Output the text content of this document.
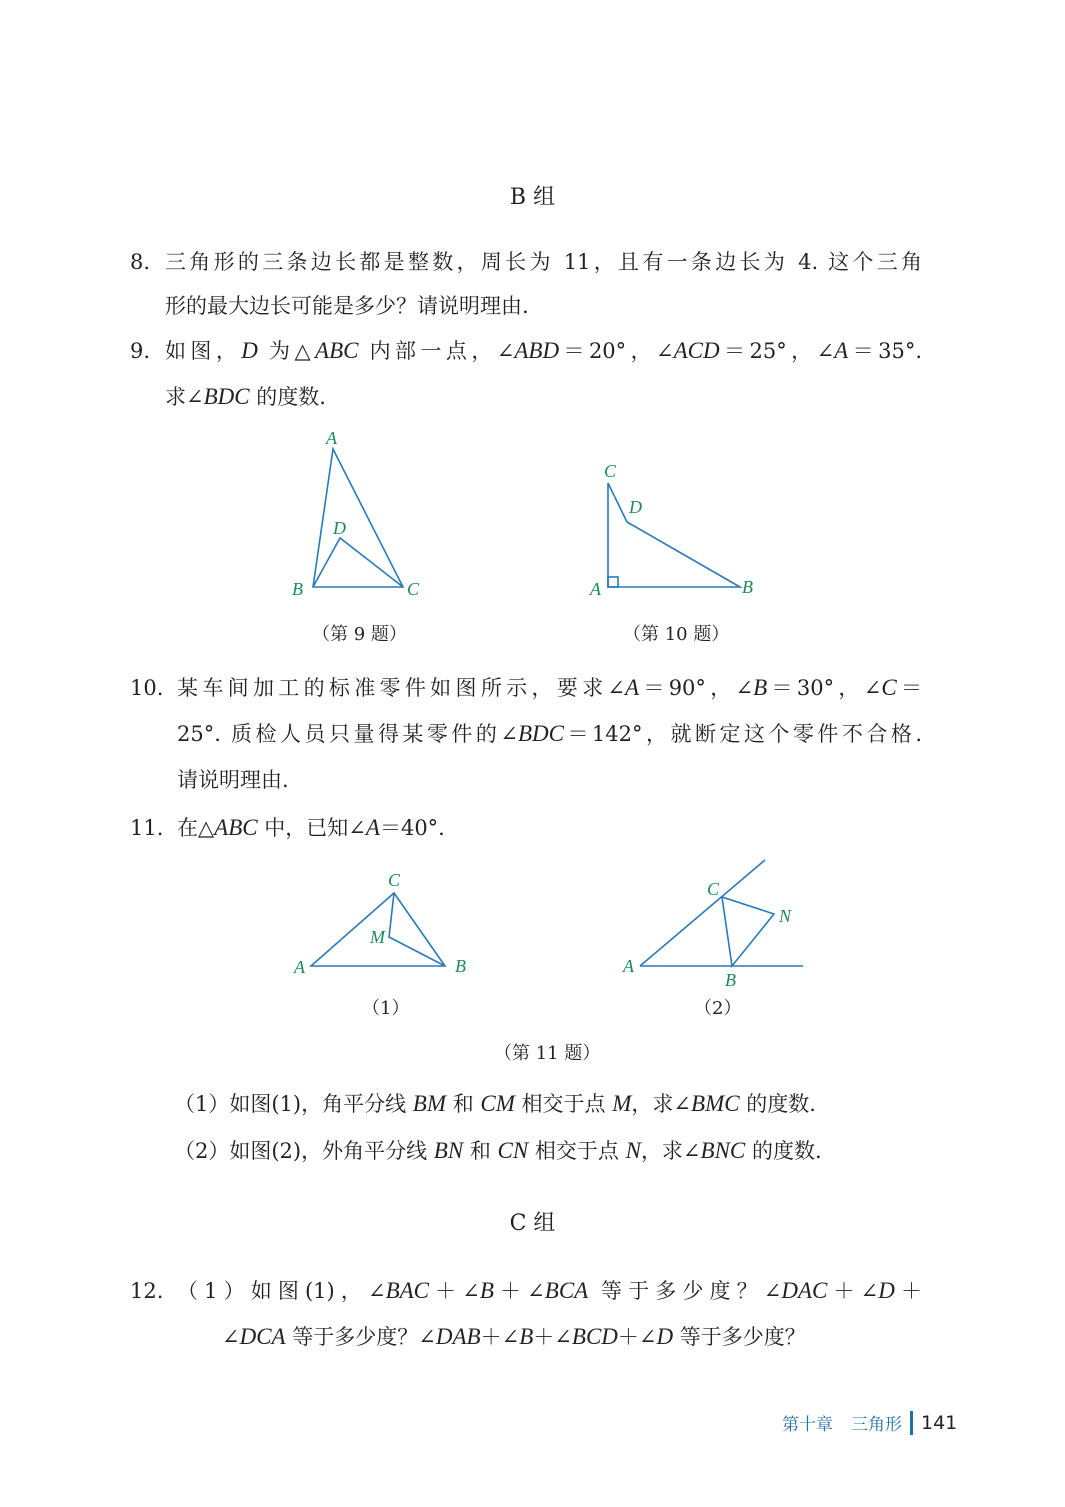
B 组
C 组
8. 三角形的三条边长都是整数，周长为 11，且有一条边长为 4. 这个三角
形的最大边长可能是多少？请说明理由.
9. 如图，D 为△ABC 内部一点，∠ABD＝20°，∠ACD＝25°，∠A＝35°.
求∠BDC 的度数.
10. 某车间加工的标准零件如图所示，要求∠A＝90°，∠B＝30°，∠C＝
25°. 质检人员只量得某零件的∠BDC＝142°，就断定这个零件不合格.
请说明理由.
11. 在△ABC 中，已知∠A＝40°.
（1）如图(1)，角平分线 BM 和 CM 相交于点 M，求∠BMC 的度数.
（2）如图(2)，外角平分线 BN 和 CN 相交于点 N，求∠BNC 的度数.
12. （1）如图(1)，∠BAC＋∠B＋∠BCA 等于多少度？∠DAC＋∠D＋
∠DCA 等于多少度？∠DAB＋∠B＋∠BCD＋∠D 等于多少度？
A
D
B	C
C
D
A	B
C
M
A	B
C
N
A
B
（第 9 题）	（第 10 题）
（1）	（2）
（第 11 题）
第十章 三角形 141
